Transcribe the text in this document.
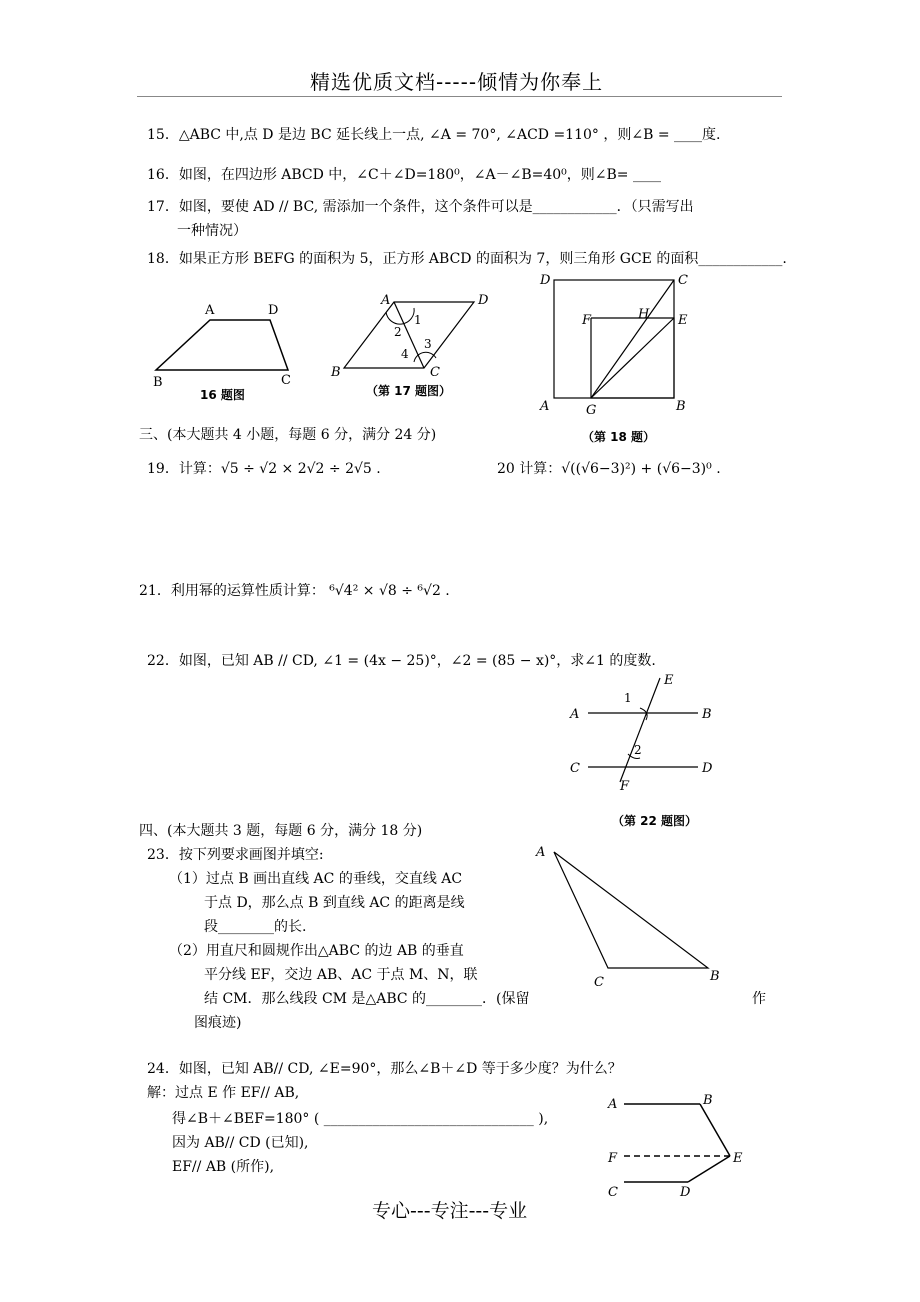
精选优质文档-----倾情为你奉上
15．△ABC 中,点 D 是边 BC 延长线上一点, ∠A = 70°, ∠ACD =110° ，则∠B = ____度.
16．如图，在四边形 ABCD 中，∠C＋∠D=180⁰，∠A－∠B=40⁰，则∠B= ____
17．如图，要使 AD // BC, 需添加一个条件，这个条件可以是____________．（只需写出
一种情况）
18．如果正方形 BEFG 的面积为 5，正方形 ABCD 的面积为 7，则三角形 GCE 的面积____________.
A	D
B	C
16 题图
A	D
B	C
1
2
3
4
（第 17 题图）
D	C
F	H E
A	G	B
（第 18 题）
三、(本大题共 4 小题，每题 6 分，满分 24 分)
19．计算：√5 ÷ √2 × 2√2 ÷ 2√5 .	20 计算：√((√6−3)²) + (√6−3)⁰ .
21．利用幂的运算性质计算： ⁶√4² × √8 ÷ ⁶√2 .
22．如图，已知 AB // CD, ∠1 = (4x − 25)°，∠2 = (85 − x)°，求∠1 的度数.
E
A	B
1
2
C	D
F
（第 22 题图）
四、(本大题共 3 题，每题 6 分，满分 18 分)
23．按下列要求画图并填空:
（1）过点 B 画出直线 AC 的垂线，交直线 AC
于点 D，那么点 B 到直线 AC 的距离是线
段________的长.
（2）用直尺和圆规作出△ABC 的边 AB 的垂直
平分线 EF，交边 AB、AC 于点 M、N，联
结 CM．那么线段 CM 是△ABC 的________．(保留	作
图痕迹)
A
B
C
24．如图，已知 AB// CD, ∠E=90°，那么∠B＋∠D 等于多少度？为什么？
解：过点 E 作 EF// AB,
得∠B＋∠BEF=180° ( ______________________________ ),
因为 AB// CD (已知),
EF// AB (所作),
A	B
F	E
C	D
专心---专注---专业
